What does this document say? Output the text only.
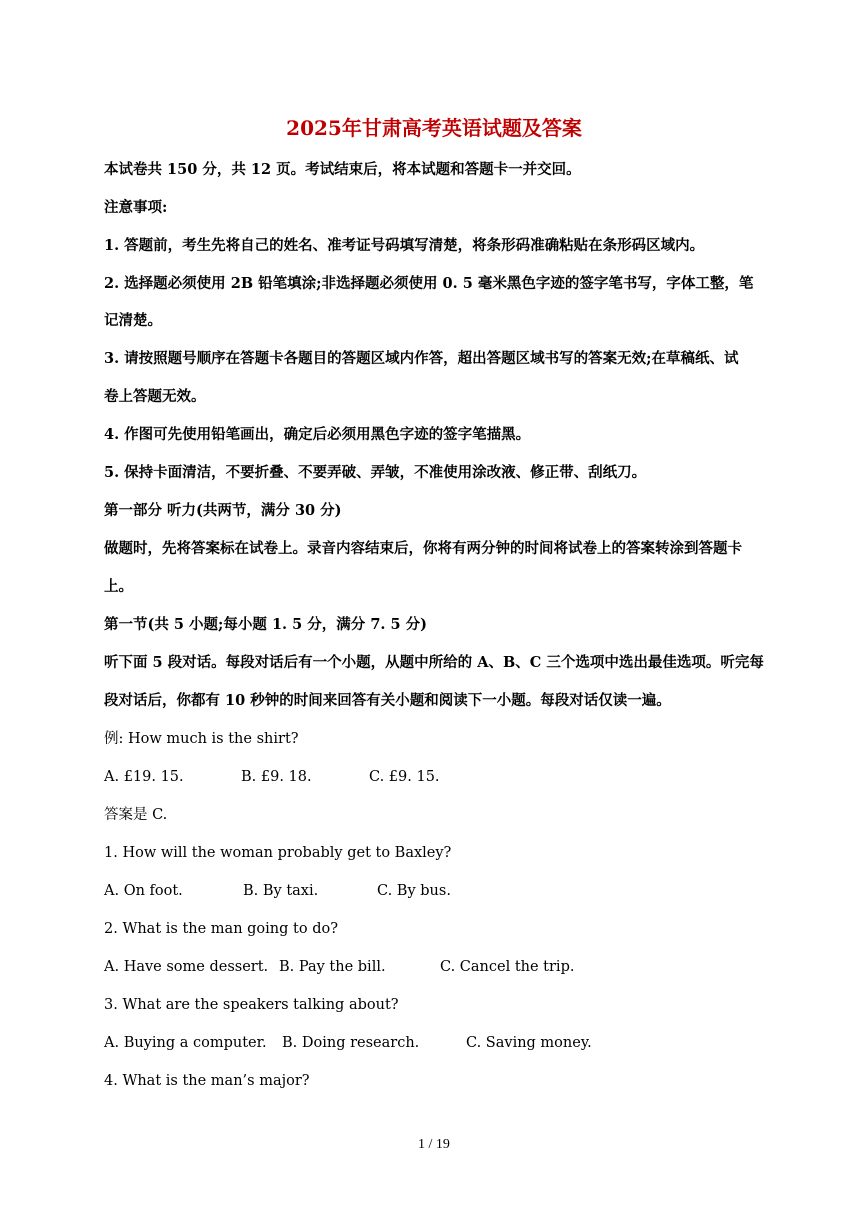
2025年甘肃高考英语试题及答案
本试卷共 150 分，共 12 页。考试结束后，将本试题和答题卡一并交回。
注意事项:
1. 答题前，考生先将自己的姓名、准考证号码填写清楚，将条形码准确粘贴在条形码区域内。
2. 选择题必须使用 2B 铅笔填涂;非选择题必须使用 0. 5 毫米黑色字迹的签字笔书写，字体工整，笔
记清楚。
3. 请按照题号顺序在答题卡各题目的答题区域内作答，超出答题区域书写的答案无效;在草稿纸、试
卷上答题无效。
4. 作图可先使用铅笔画出，确定后必须用黑色字迹的签字笔描黑。
5. 保持卡面清洁，不要折叠、不要弄破、弄皱，不准使用涂改液、修正带、刮纸刀。
第一部分 听力(共两节，满分 30 分)
做题时，先将答案标在试卷上。录音内容结束后，你将有两分钟的时间将试卷上的答案转涂到答题卡
上。
第一节(共 5 小题;每小题 1. 5 分，满分 7. 5 分)
听下面 5 段对话。每段对话后有一个小题，从题中所给的 A、B、C 三个选项中选出最佳选项。听完每
段对话后，你都有 10 秒钟的时间来回答有关小题和阅读下一小题。每段对话仅读一遍。
例: How much is the shirt?
A. £19. 15.	B. £9. 18.	C. £9. 15.
答案是 C.
1. How will the woman probably get to Baxley?
A. On foot.	B. By taxi.	C. By bus.
2. What is the man going to do?
A. Have some dessert. B. Pay the bill.	C. Cancel the trip.
3. What are the speakers talking about?
A. Buying a computer. B. Doing research.	C. Saving money.
4. What is the man’s major?
1 / 19
